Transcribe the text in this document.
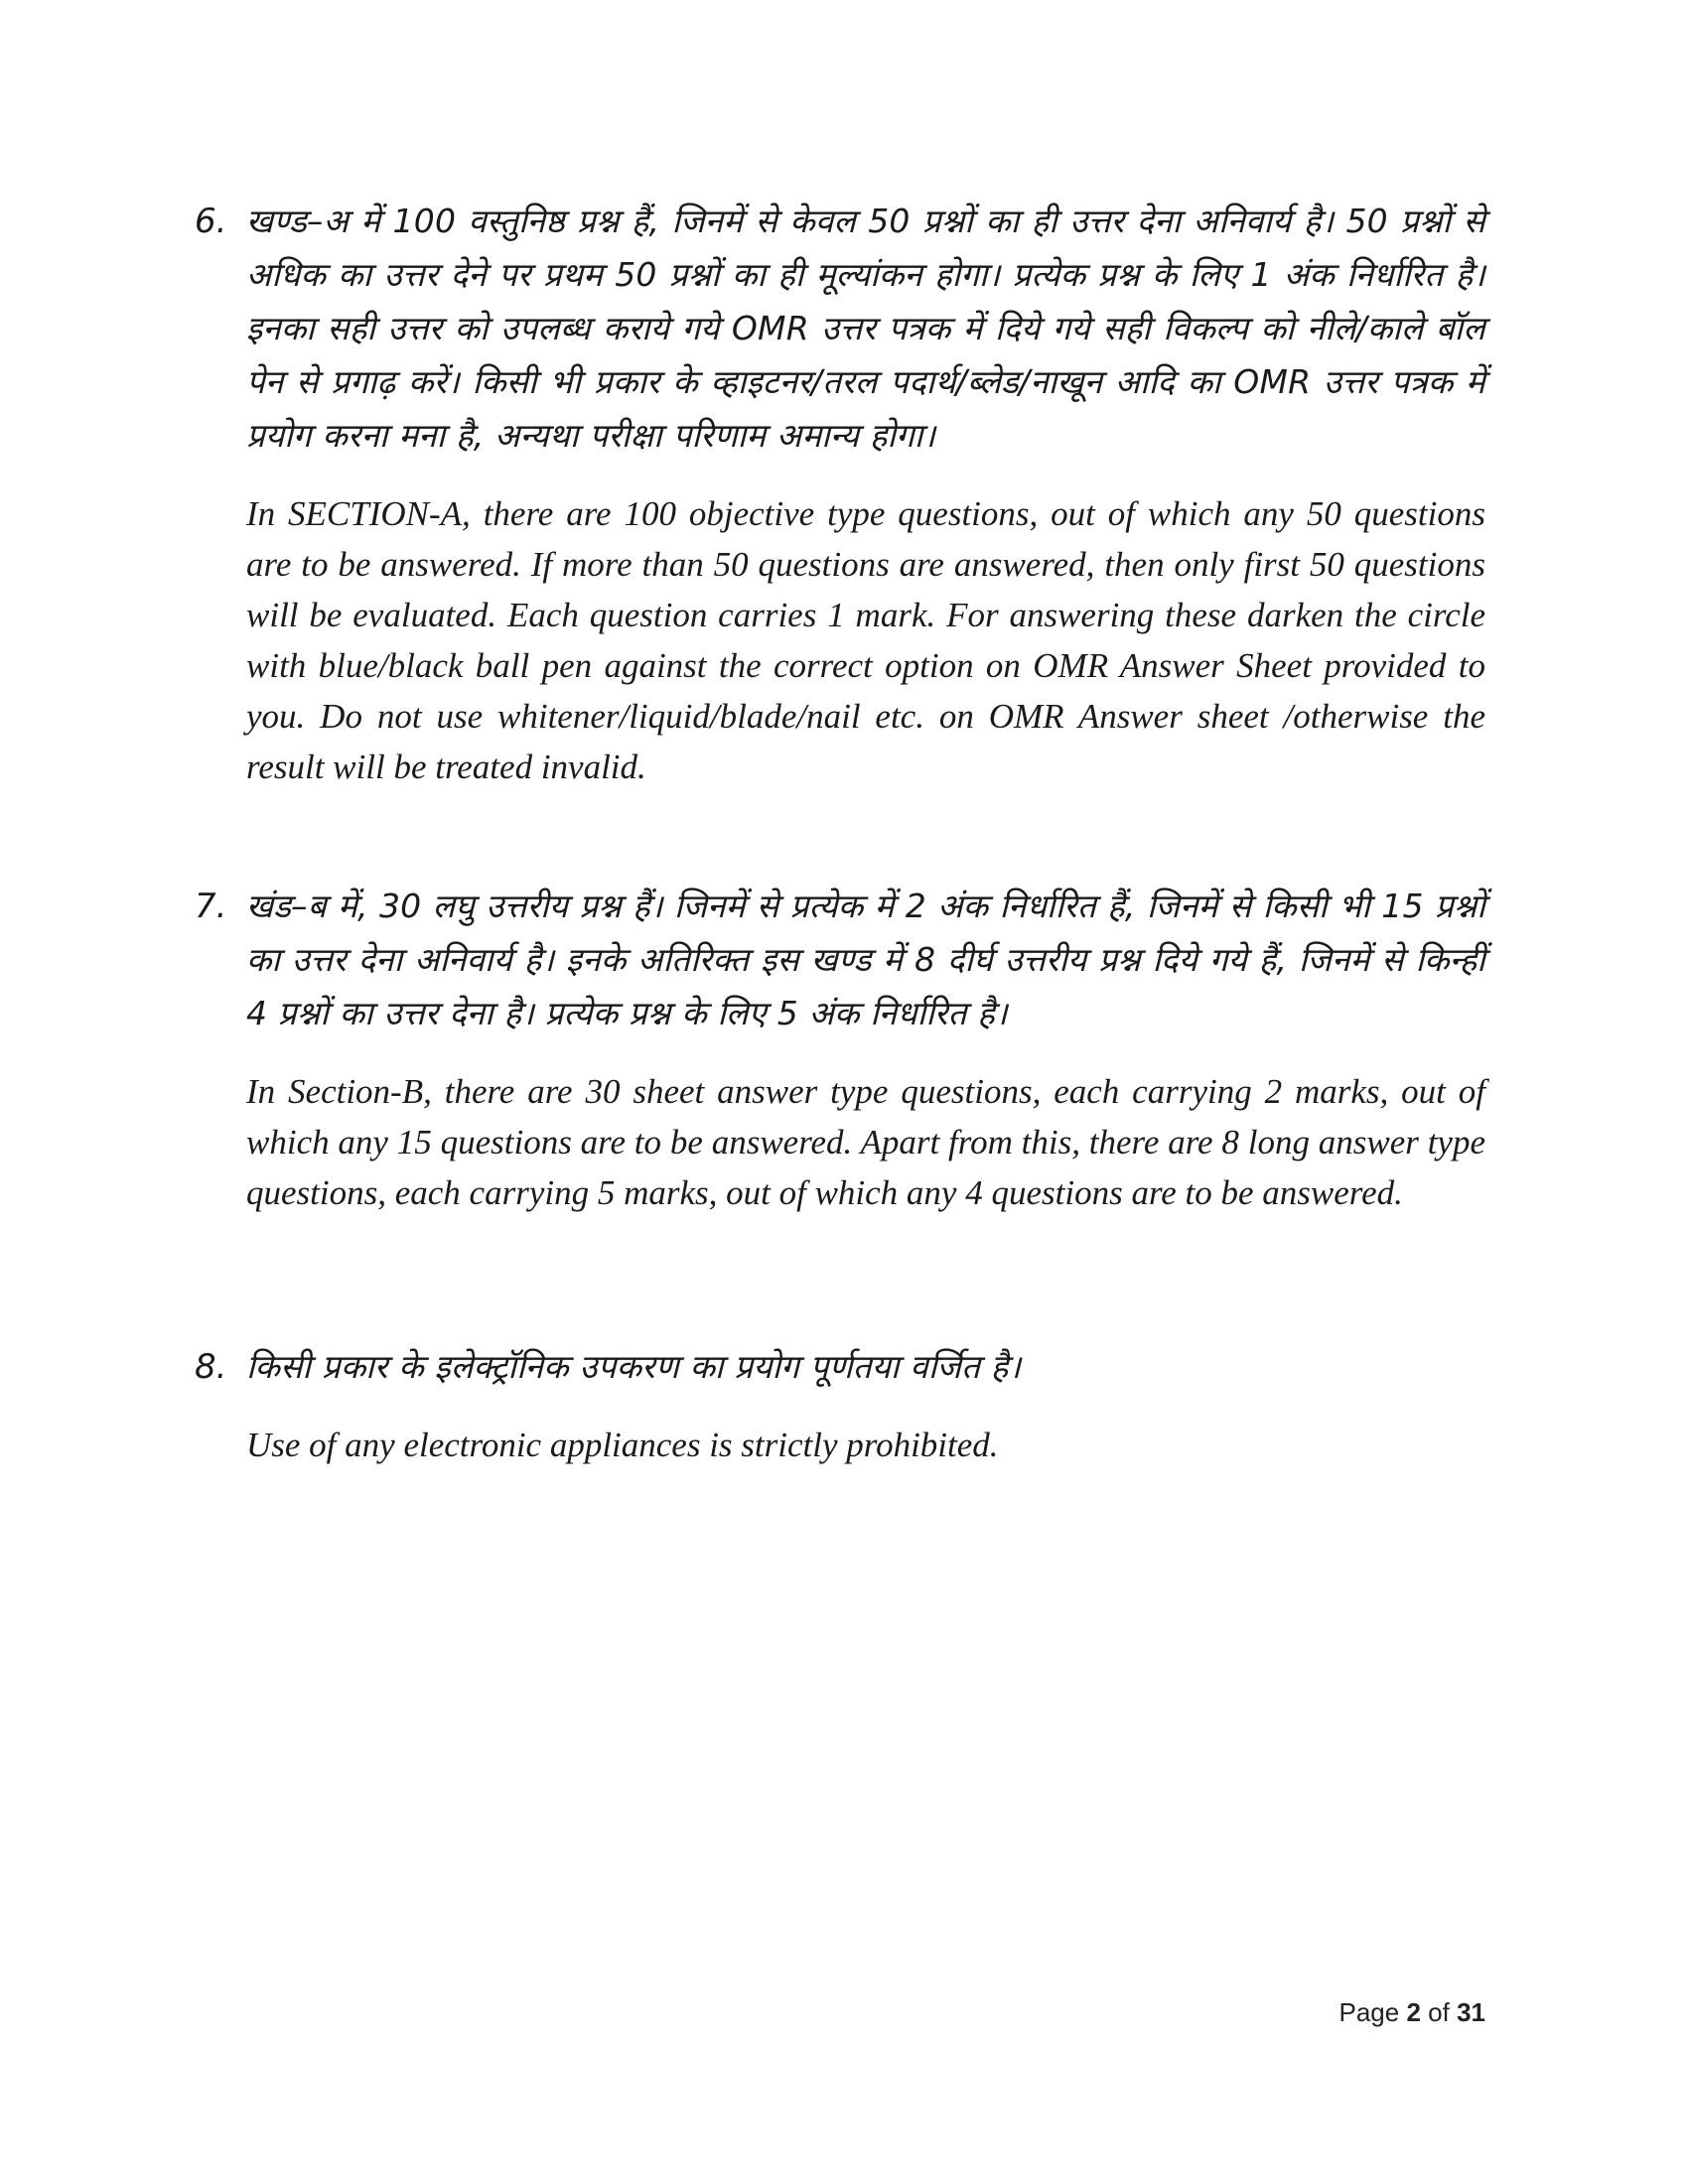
6. खण्ड–अ में 100 वस्तुनिष्ठ प्रश्न हैं, जिनमें से केवल 50 प्रश्नों का ही उत्तर देना अनिवार्य है। 50 प्रश्नों से अधिक का उत्तर देने पर प्रथम 50 प्रश्नों का ही मूल्यांकन होगा। प्रत्येक प्रश्न के लिए 1 अंक निर्धारित है। इनका सही उत्तर को उपलब्ध कराये गये OMR उत्तर पत्रक में दिये गये सही विकल्प को नीले/काले बॉल पेन से प्रगाढ़ करें। किसी भी प्रकार के व्हाइटनर/तरल पदार्थ/ब्लेड/नाखून आदि का OMR उत्तर पत्रक में प्रयोग करना मना है, अन्यथा परीक्षा परिणाम अमान्य होगा।
In SECTION-A, there are 100 objective type questions, out of which any 50 questions are to be answered. If more than 50 questions are answered, then only first 50 questions will be evaluated. Each question carries 1 mark. For answering these darken the circle with blue/black ball pen against the correct option on OMR Answer Sheet provided to you. Do not use whitener/liquid/blade/nail etc. on OMR Answer sheet /otherwise the result will be treated invalid.
7. खंड–ब में, 30 लघु उत्तरीय प्रश्न हैं। जिनमें से प्रत्येक में 2 अंक निर्धारित हैं, जिनमें से किसी भी 15 प्रश्नों का उत्तर देना अनिवार्य है। इनके अतिरिक्त इस खण्ड में 8 दीर्घ उत्तरीय प्रश्न दिये गये हैं, जिनमें से किन्हीं 4 प्रश्नों का उत्तर देना है। प्रत्येक प्रश्न के लिए 5 अंक निर्धारित है।
In Section-B, there are 30 sheet answer type questions, each carrying 2 marks, out of which any 15 questions are to be answered. Apart from this, there are 8 long answer type questions, each carrying 5 marks, out of which any 4 questions are to be answered.
8. किसी प्रकार के इलेक्ट्रॉनिक उपकरण का प्रयोग पूर्णतया वर्जित है।
Use of any electronic appliances is strictly prohibited.
Page 2 of 31
